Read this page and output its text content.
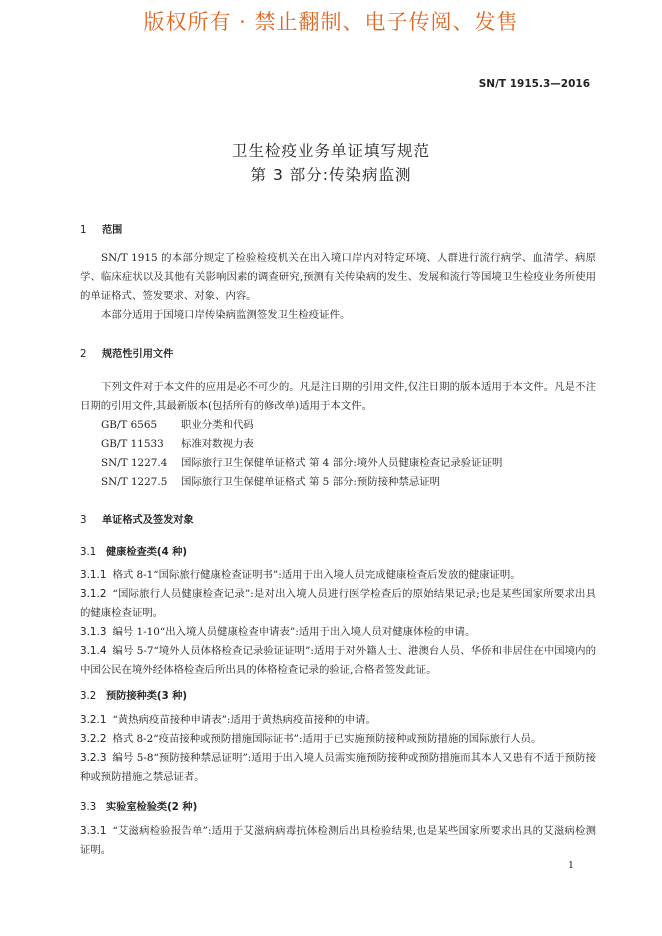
版权所有 · 禁止翻制、电子传阅、发售
SN/T 1915.3—2016
卫生检疫业务单证填写规范
第 3 部分:传染病监测
1 范围

SN/T 1915 的本部分规定了检验检疫机关在出入境口岸内对特定环境、人群进行流行病学、血清学、病原学、临床症状以及其他有关影响因素的调查研究,预测有关传染病的发生、发展和流行等国境卫生检疫业务所使用的单证格式、签发要求、对象、内容。

本部分适用于国境口岸传染病监测签发卫生检疫证件。

2 规范性引用文件

下列文件对于本文件的应用是必不可少的。凡是注日期的引用文件,仅注日期的版本适用于本文件。凡是不注日期的引用文件,其最新版本(包括所有的修改单)适用于本文件。

GB/T 6565 职业分类和代码

GB/T 11533 标准对数视力表

SN/T 1227.4 国际旅行卫生保健单证格式 第 4 部分:境外人员健康检查记录验证证明

SN/T 1227.5 国际旅行卫生保健单证格式 第 5 部分:预防接种禁忌证明

3 单证格式及签发对象
3.1 健康检查类(4 种)

3.1.1 格式 8-1“国际旅行健康检查证明书”:适用于出入境人员完成健康检查后发放的健康证明。

3.1.2 “国际旅行人员健康检查记录”:是对出入境人员进行医学检查后的原始结果记录;也是某些国家所要求出具的健康检查证明。

3.1.3 编号 1-10“出入境人员健康检查申请表”:适用于出入境人员对健康体检的申请。

3.1.4 编号 5-7“境外人员体格检查记录验证证明”:适用于对外籍人士、港澳台人员、华侨和非居住在中国境内的中国公民在境外经体格检查后所出具的体格检查记录的验证,合格者签发此证。

3.2 预防接种类(3 种)

3.2.1 “黄热病疫苗接种申请表”:适用于黄热病疫苗接种的申请。

3.2.2 格式 8-2“疫苗接种或预防措施国际证书”:适用于已实施预防接种或预防措施的国际旅行人员。

3.2.3 编号 5-8“预防接种禁忌证明”:适用于出入境人员需实施预防接种或预防措施而其本人又患有不适于预防接种或预防措施之禁忌证者。

3.3 实验室检验类(2 种)

3.3.1 “艾滋病检验报告单”:适用于艾滋病病毒抗体检测后出具检验结果,也是某些国家所要求出具的艾滋病检测证明。

1
